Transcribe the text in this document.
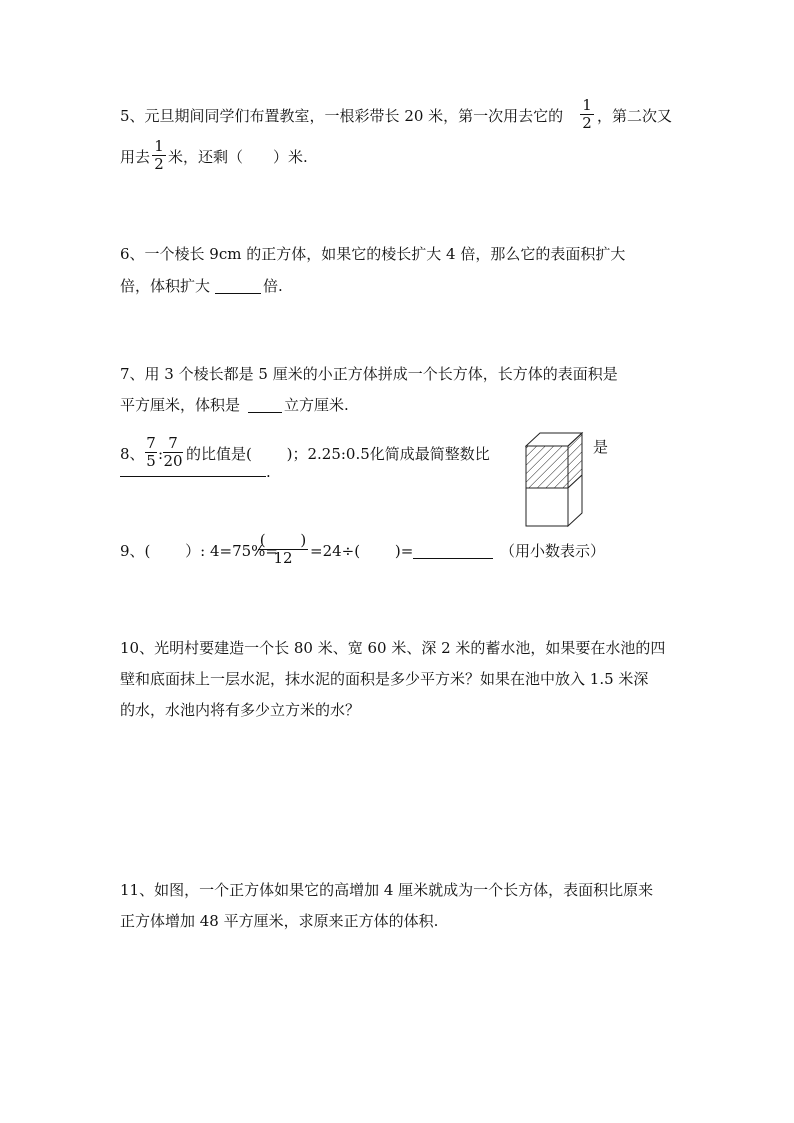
5、元旦期间同学们布置教室，一根彩带长 20 米，第一次用去它的 $\frac{1}{2}$ ，第二次又
用去 $\frac{1}{2}$ 米，还剩（　　）米.
6、一个棱长 9cm 的正方体，如果它的棱长扩大 4 倍，那么它的表面积扩大
倍，体积扩大	倍.
7、用 3 个棱长都是 5 厘米的小正方体拼成一个长方体，长方体的表面积是
平方厘米，体积是	立方厘米.
8、 $\frac{7}{5}$ : $\frac{7}{20}$ 的比值是(　　 )；2.25:0.5化简成最简整数比
.
是
9、(　　 ）: 4=75%=
(　　 )
12	=24÷(　　 )=	（用小数表示）
10、光明村要建造一个长 80 米、宽 60 米、深 2 米的蓄水池，如果要在水池的四
壁和底面抹上一层水泥，抹水泥的面积是多少平方米？如果在池中放入 1.5 米深
的水，水池内将有多少立方米的水？
11、如图，一个正方体如果它的高增加 4 厘米就成为一个长方体，表面积比原来
正方体增加 48 平方厘米，求原来正方体的体积.
